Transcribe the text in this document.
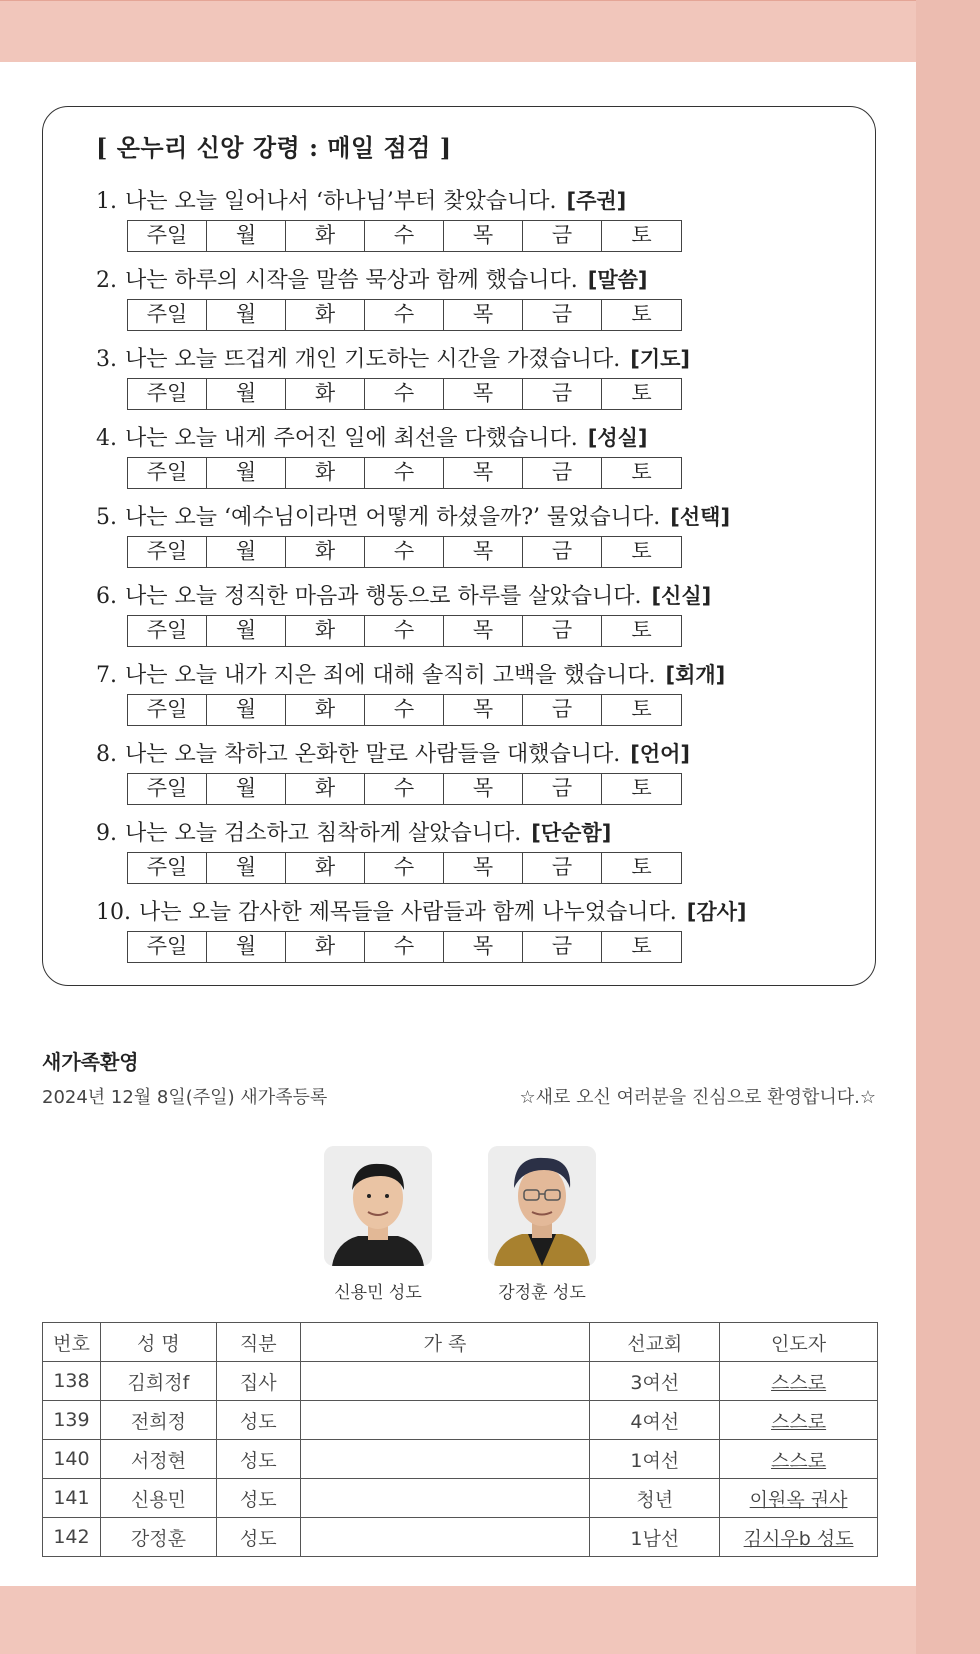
[ 온누리 신앙 강령 : 매일 점검 ]
1. 나는 오늘 일어나서 ‘하나님’부터 찾았습니다. [주권]
주일	월	화	수	목	금	토
2. 나는 하루의 시작을 말씀 묵상과 함께 했습니다. [말씀]
주일	월	화	수	목	금	토
3. 나는 오늘 뜨겁게 개인 기도하는 시간을 가졌습니다. [기도]
주일	월	화	수	목	금	토
4. 나는 오늘 내게 주어진 일에 최선을 다했습니다. [성실]
주일	월	화	수	목	금	토
5. 나는 오늘 ‘예수님이라면 어떻게 하셨을까?’ 물었습니다. [선택]
주일	월	화	수	목	금	토
6. 나는 오늘 정직한 마음과 행동으로 하루를 살았습니다. [신실]
주일	월	화	수	목	금	토
7. 나는 오늘 내가 지은 죄에 대해 솔직히 고백을 했습니다. [회개]
주일	월	화	수	목	금	토
8. 나는 오늘 착하고 온화한 말로 사람들을 대했습니다. [언어]
주일	월	화	수	목	금	토
9. 나는 오늘 검소하고 침착하게 살았습니다. [단순함]
주일	월	화	수	목	금	토
10. 나는 오늘 감사한 제목들을 사람들과 함께 나누었습니다. [감사]
주일	월	화	수	목	금	토
새가족환영
2024년 12월 8일(주일) 새가족등록	☆새로 오신 여러분을 진심으로 환영합니다.☆
신용민 성도	강정훈 성도
번호	성 명	직분	가 족	선교회	인도자
138	김희정f	집사		3여선	스스로
139	전희정	성도		4여선	스스로
140	서정현	성도		1여선	스스로
141	신용민	성도		청년	이원옥 권사
142	강정훈	성도		1남선	김시우b 성도
